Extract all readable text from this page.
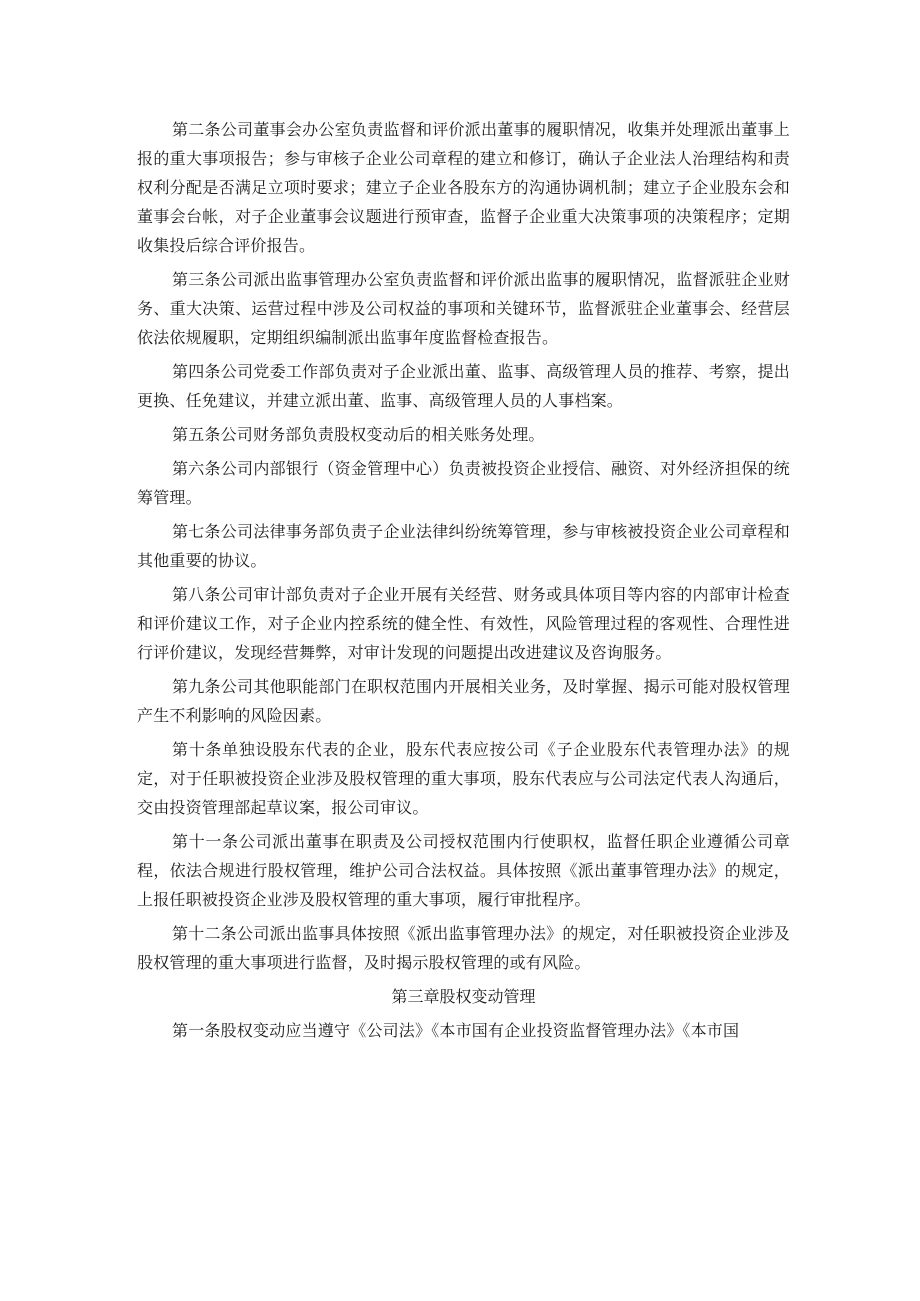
第二条公司董事会办公室负责监督和评价派出董事的履职情况，收集并处理派出董事上报的重大事项报告；参与审核子企业公司章程的建立和修订，确认子企业法人治理结构和责权利分配是否满足立项时要求；建立子企业各股东方的沟通协调机制；建立子企业股东会和董事会台帐，对子企业董事会议题进行预审查，监督子企业重大决策事项的决策程序；定期收集投后综合评价报告。

第三条公司派出监事管理办公室负责监督和评价派出监事的履职情况，监督派驻企业财务、重大决策、运营过程中涉及公司权益的事项和关键环节，监督派驻企业董事会、经营层依法依规履职，定期组织编制派出监事年度监督检查报告。

第四条公司党委工作部负责对子企业派出董、监事、高级管理人员的推荐、考察，提出更换、任免建议，并建立派出董、监事、高级管理人员的人事档案。

第五条公司财务部负责股权变动后的相关账务处理。

第六条公司内部银行（资金管理中心）负责被投资企业授信、融资、对外经济担保的统筹管理。

第七条公司法律事务部负责子企业法律纠纷统筹管理，参与审核被投资企业公司章程和其他重要的协议。

第八条公司审计部负责对子企业开展有关经营、财务或具体项目等内容的内部审计检查和评价建议工作，对子企业内控系统的健全性、有效性，风险管理过程的客观性、合理性进行评价建议，发现经营舞弊，对审计发现的问题提出改进建议及咨询服务。

第九条公司其他职能部门在职权范围内开展相关业务，及时掌握、揭示可能对股权管理产生不利影响的风险因素。

第十条单独设股东代表的企业，股东代表应按公司《子企业股东代表管理办法》的规定，对于任职被投资企业涉及股权管理的重大事项，股东代表应与公司法定代表人沟通后，交由投资管理部起草议案，报公司审议。

第十一条公司派出董事在职责及公司授权范围内行使职权，监督任职企业遵循公司章程，依法合规进行股权管理，维护公司合法权益。具体按照《派出董事管理办法》的规定，上报任职被投资企业涉及股权管理的重大事项，履行审批程序。

第十二条公司派出监事具体按照《派出监事管理办法》的规定，对任职被投资企业涉及股权管理的重大事项进行监督，及时揭示股权管理的或有风险。

第三章股权变动管理

第一条股权变动应当遵守《公司法》《本市国有企业投资监督管理办法》《本市国
